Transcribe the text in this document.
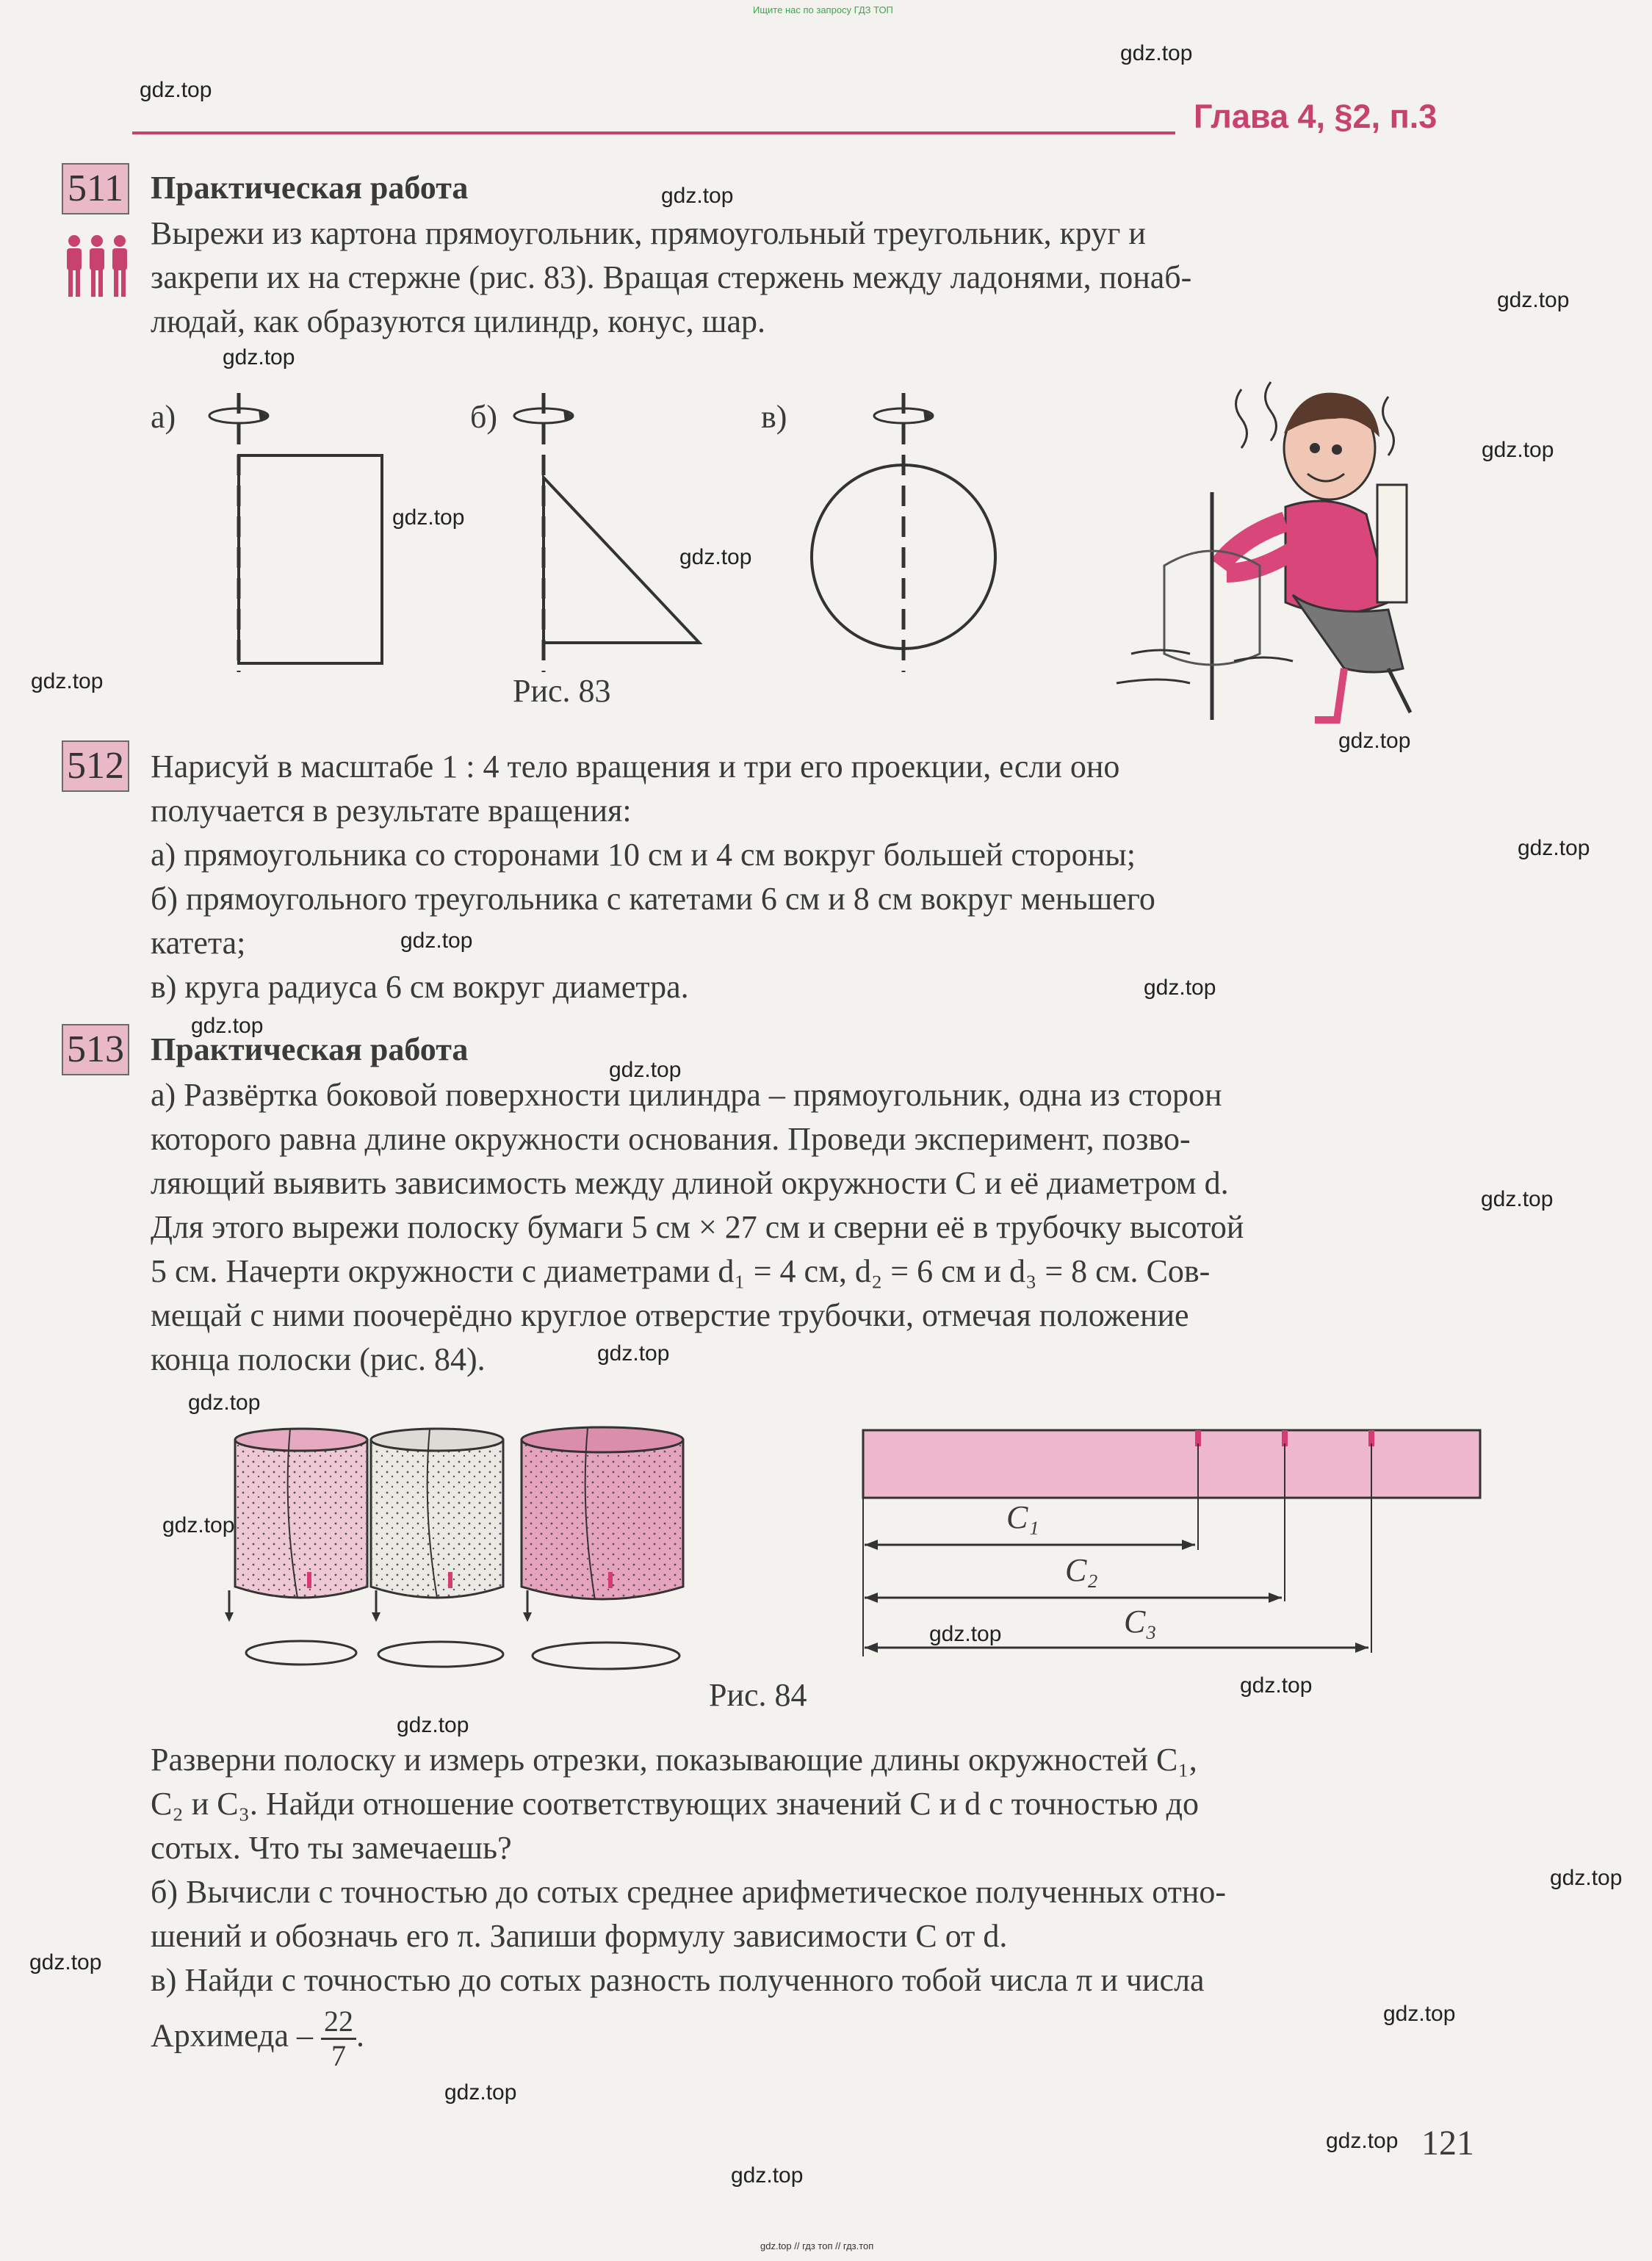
Ищите нас по запросу ГДЗ ТОП
gdz.top // гдз топ // гдз.топ
gdz.top
gdz.top
gdz.top
gdz.top
gdz.top
gdz.top
gdz.top
gdz.top
gdz.top
gdz.top
gdz.top
gdz.top
gdz.top
gdz.top
gdz.top
gdz.top
gdz.top
gdz.top
gdz.top
gdz.top
gdz.top
gdz.top
gdz.top
gdz.top
gdz.top
gdz.top
gdz.top
gdz.top
Глава 4, §2, п.3
511 Практическая работа
Вырежи из картона прямоугольник, прямоугольный треугольник, круг и
закрепи их на стержне (рис. 83). Вращая стержень между ладонями, понаб-
людай, как образуются цилиндр, конус, шар.
а)	б)	в)
Рис. 83
512 Нарисуй в масштабе 1 : 4 тело вращения и три его проекции, если оно
получается в результате вращения:
а) прямоугольника со сторонами 10 см и 4 см вокруг большей стороны;
б) прямоугольного треугольника с катетами 6 см и 8 см вокруг меньшего
катета;
в) круга радиуса 6 см вокруг диаметра.
513 Практическая работа
а) Развёртка боковой поверхности цилиндра – прямоугольник, одна из сторон
которого равна длине окружности основания. Проведи эксперимент, позво-
ляющий выявить зависимость между длиной окружности C и её диаметром d.
Для этого вырежи полоску бумаги 5 см × 27 см и сверни её в трубочку высотой
5 см. Начерти окружности с диаметрами d₁ = 4 см, d₂ = 6 см и d₃ = 8 см. Сов-
мещай с ними поочерёдно круглое отверстие трубочки, отмечая положение
конца полоски (рис. 84).
C₁
C₂
C₃
Рис. 84
Разверни полоску и измерь отрезки, показывающие длины окружностей C₁,
C₂ и C₃. Найди отношение соответствующих значений C и d с точностью до
сотых. Что ты замечаешь?
б) Вычисли с точностью до сотых среднее арифметическое полученных отно-
шений и обозначь его π. Запиши формулу зависимости C от d.
в) Найди с точностью до сотых разность полученного тобой числа π и числа
Архимеда – $\frac{22}{7}$ .
121
